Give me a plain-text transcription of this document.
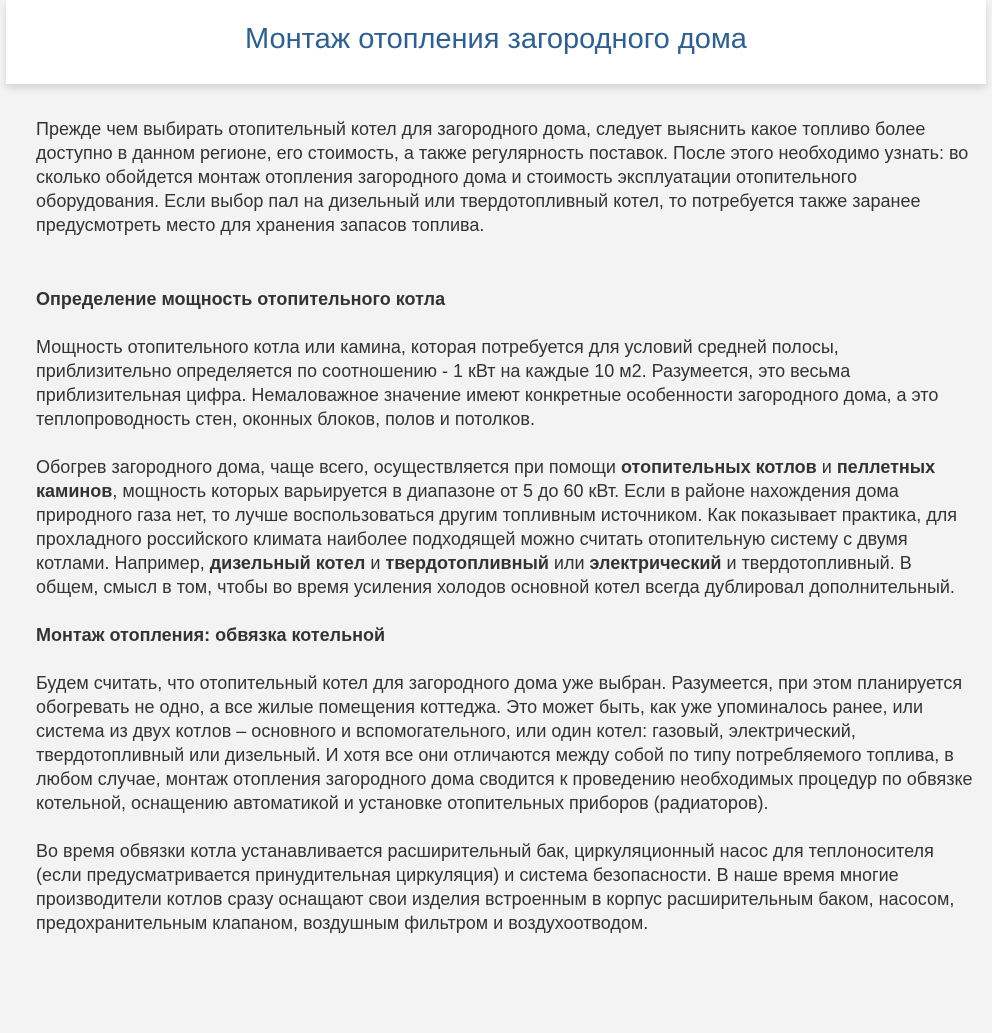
Монтаж отопления загородного дома

Прежде чем выбирать отопительный котел для загородного дома, следует выяснить какое топливо более доступно в данном регионе, его стоимость, а также регулярность поставок. После этого необходимо узнать: во сколько обойдется монтаж отопления загородного дома и стоимость эксплуатации отопительного оборудования. Если выбор пал на дизельный или твердотопливный котел, то потребуется также заранее предусмотреть место для хранения запасов топлива.

Определение мощность отопительного котла

Мощность отопительного котла или камина, которая потребуется для условий средней полосы, приблизительно определяется по соотношению - 1 кВт на каждые 10 м2. Разумеется, это весьма приблизительная цифра. Немаловажное значение имеют конкретные особенности загородного дома, а это теплопроводность стен, оконных блоков, полов и потолков.

Обогрев загородного дома, чаще всего, осуществляется при помощи отопительных котлов и пеллетных каминов, мощность которых варьируется в диапазоне от 5 до 60 кВт. Если в районе нахождения дома природного газа нет, то лучше воспользоваться другим топливным источником. Как показывает практика, для прохладного российского климата наиболее подходящей можно считать отопительную систему с двумя котлами. Например, дизельный котел и твердотопливный или электрический и твердотопливный. В общем, смысл в том, чтобы во время усиления холодов основной котел всегда дублировал дополнительный.

Монтаж отопления: обвязка котельной

Будем считать, что отопительный котел для загородного дома уже выбран. Разумеется, при этом планируется обогревать не одно, а все жилые помещения коттеджа. Это может быть, как уже упоминалось ранее, или система из двух котлов – основного и вспомогательного, или один котел: газовый, электрический, твердотопливный или дизельный. И хотя все они отличаются между собой по типу потребляемого топлива, в любом случае, монтаж отопления загородного дома сводится к проведению необходимых процедур по обвязке котельной, оснащению автоматикой и установке отопительных приборов (радиаторов).

Во время обвязки котла устанавливается расширительный бак, циркуляционный насос для теплоносителя (если предусматривается принудительная циркуляция) и система безопасности. В наше время многие производители котлов сразу оснащают свои изделия встроенным в корпус расширительным баком, насосом, предохранительным клапаном, воздушным фильтром и воздухоотводом.
